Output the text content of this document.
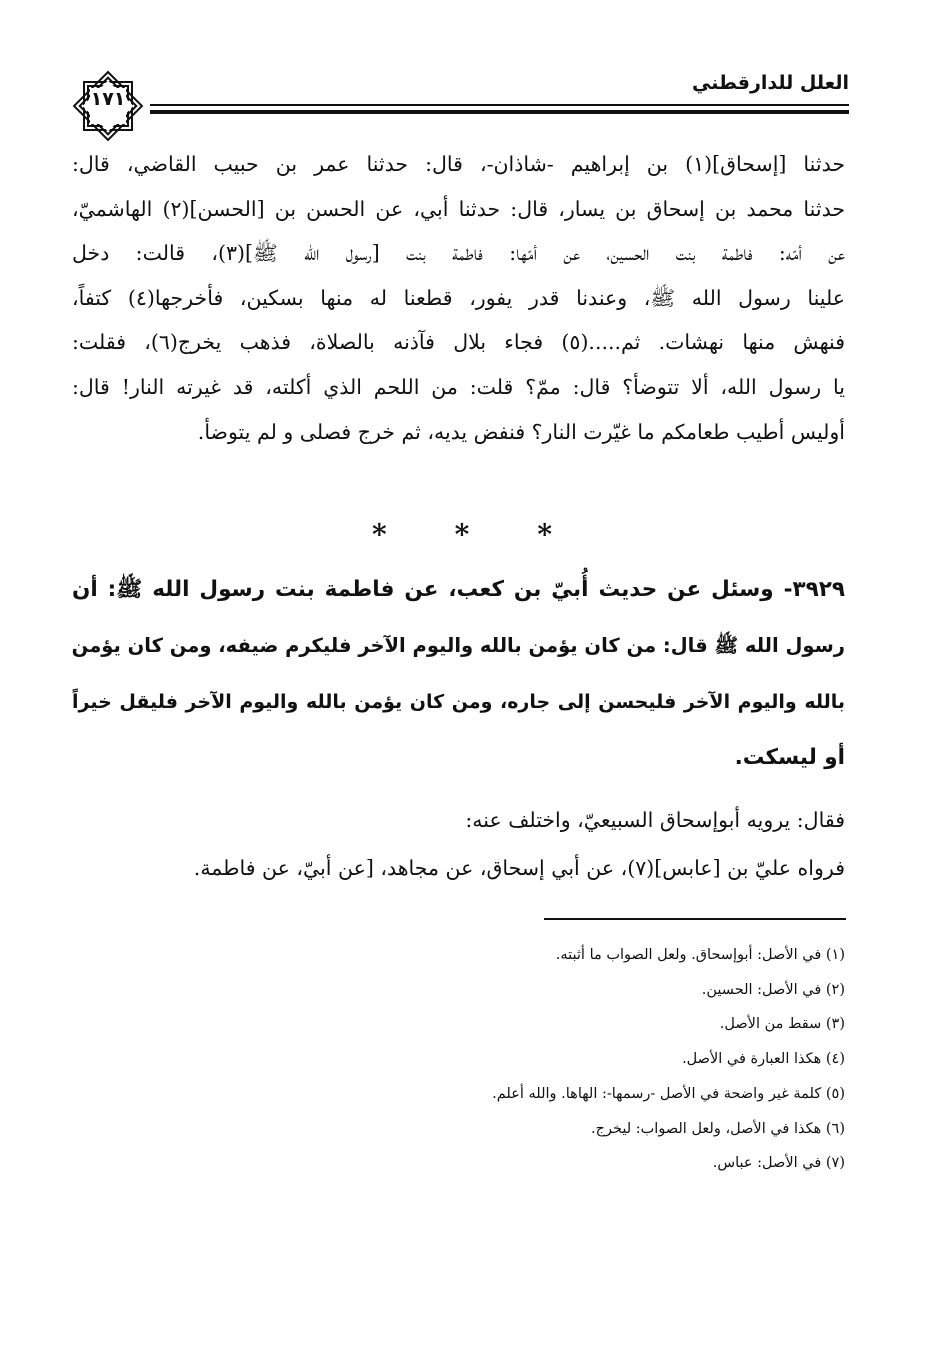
العلل للدارقطني
١٧١
حدثنا [إسحاق](١) بن إبراهيم -شاذان-، قال: حدثنا عمر بن حبيب القاضي، قال:
حدثنا محمد بن إسحاق بن يسار، قال: حدثنا أبي، عن الحسن بن [الحسن](٢) الهاشميّ،
عن أمّه: فاطمة بنت الحسين، عن أمّها: فاطمة بنت [رسول الله ﷺ](٣)، قالت: دخل
علينا رسول الله ﷺ، وعندنا قدر يفور، قطعنا له منها بسكين، فأخرجها(٤) كتفاً،
فنهش منها نهشات. ثم.....(٥) فجاء بلال فآذنه بالصلاة، فذهب يخرج(٦)، فقلت:
يا رسول الله، ألا تتوضأ؟ قال: ممّ؟ قلت: من اللحم الذي أكلته، قد غيرته النار! قال:
أوليس أطيب طعامكم ما غيّرت النار؟ فنفض يديه، ثم خرج فصلى و لم يتوضأ.
* * *
٣٩٢٩- وسئل عن حديث أُبيّ بن كعب، عن فاطمة بنت رسول الله ﷺ: أن
رسول الله ﷺ قال: من كان يؤمن بالله واليوم الآخر فليكرم ضيفه، ومن كان يؤمن
بالله واليوم الآخر فليحسن إلى جاره، ومن كان يؤمن بالله واليوم الآخر فليقل خيراً
أو ليسكت.
فقال: يرويه أبوإسحاق السبيعيّ، واختلف عنه:
فرواه عليّ بن [عابس](٧)، عن أبي إسحاق، عن مجاهد، [عن أبيّ، عن فاطمة.
(١) في الأصل: أبوإسحاق. ولعل الصواب ما أثبته.
(٢) في الأصل: الحسين.
(٣) سقط من الأصل.
(٤) هكذا العبارة في الأصل.
(٥) كلمة غير واضحة في الأصل -رسمها-: الهاها. والله أعلم.
(٦) هكذا في الأصل، ولعل الصواب: ليخرج.
(٧) في الأصل: عباس.
